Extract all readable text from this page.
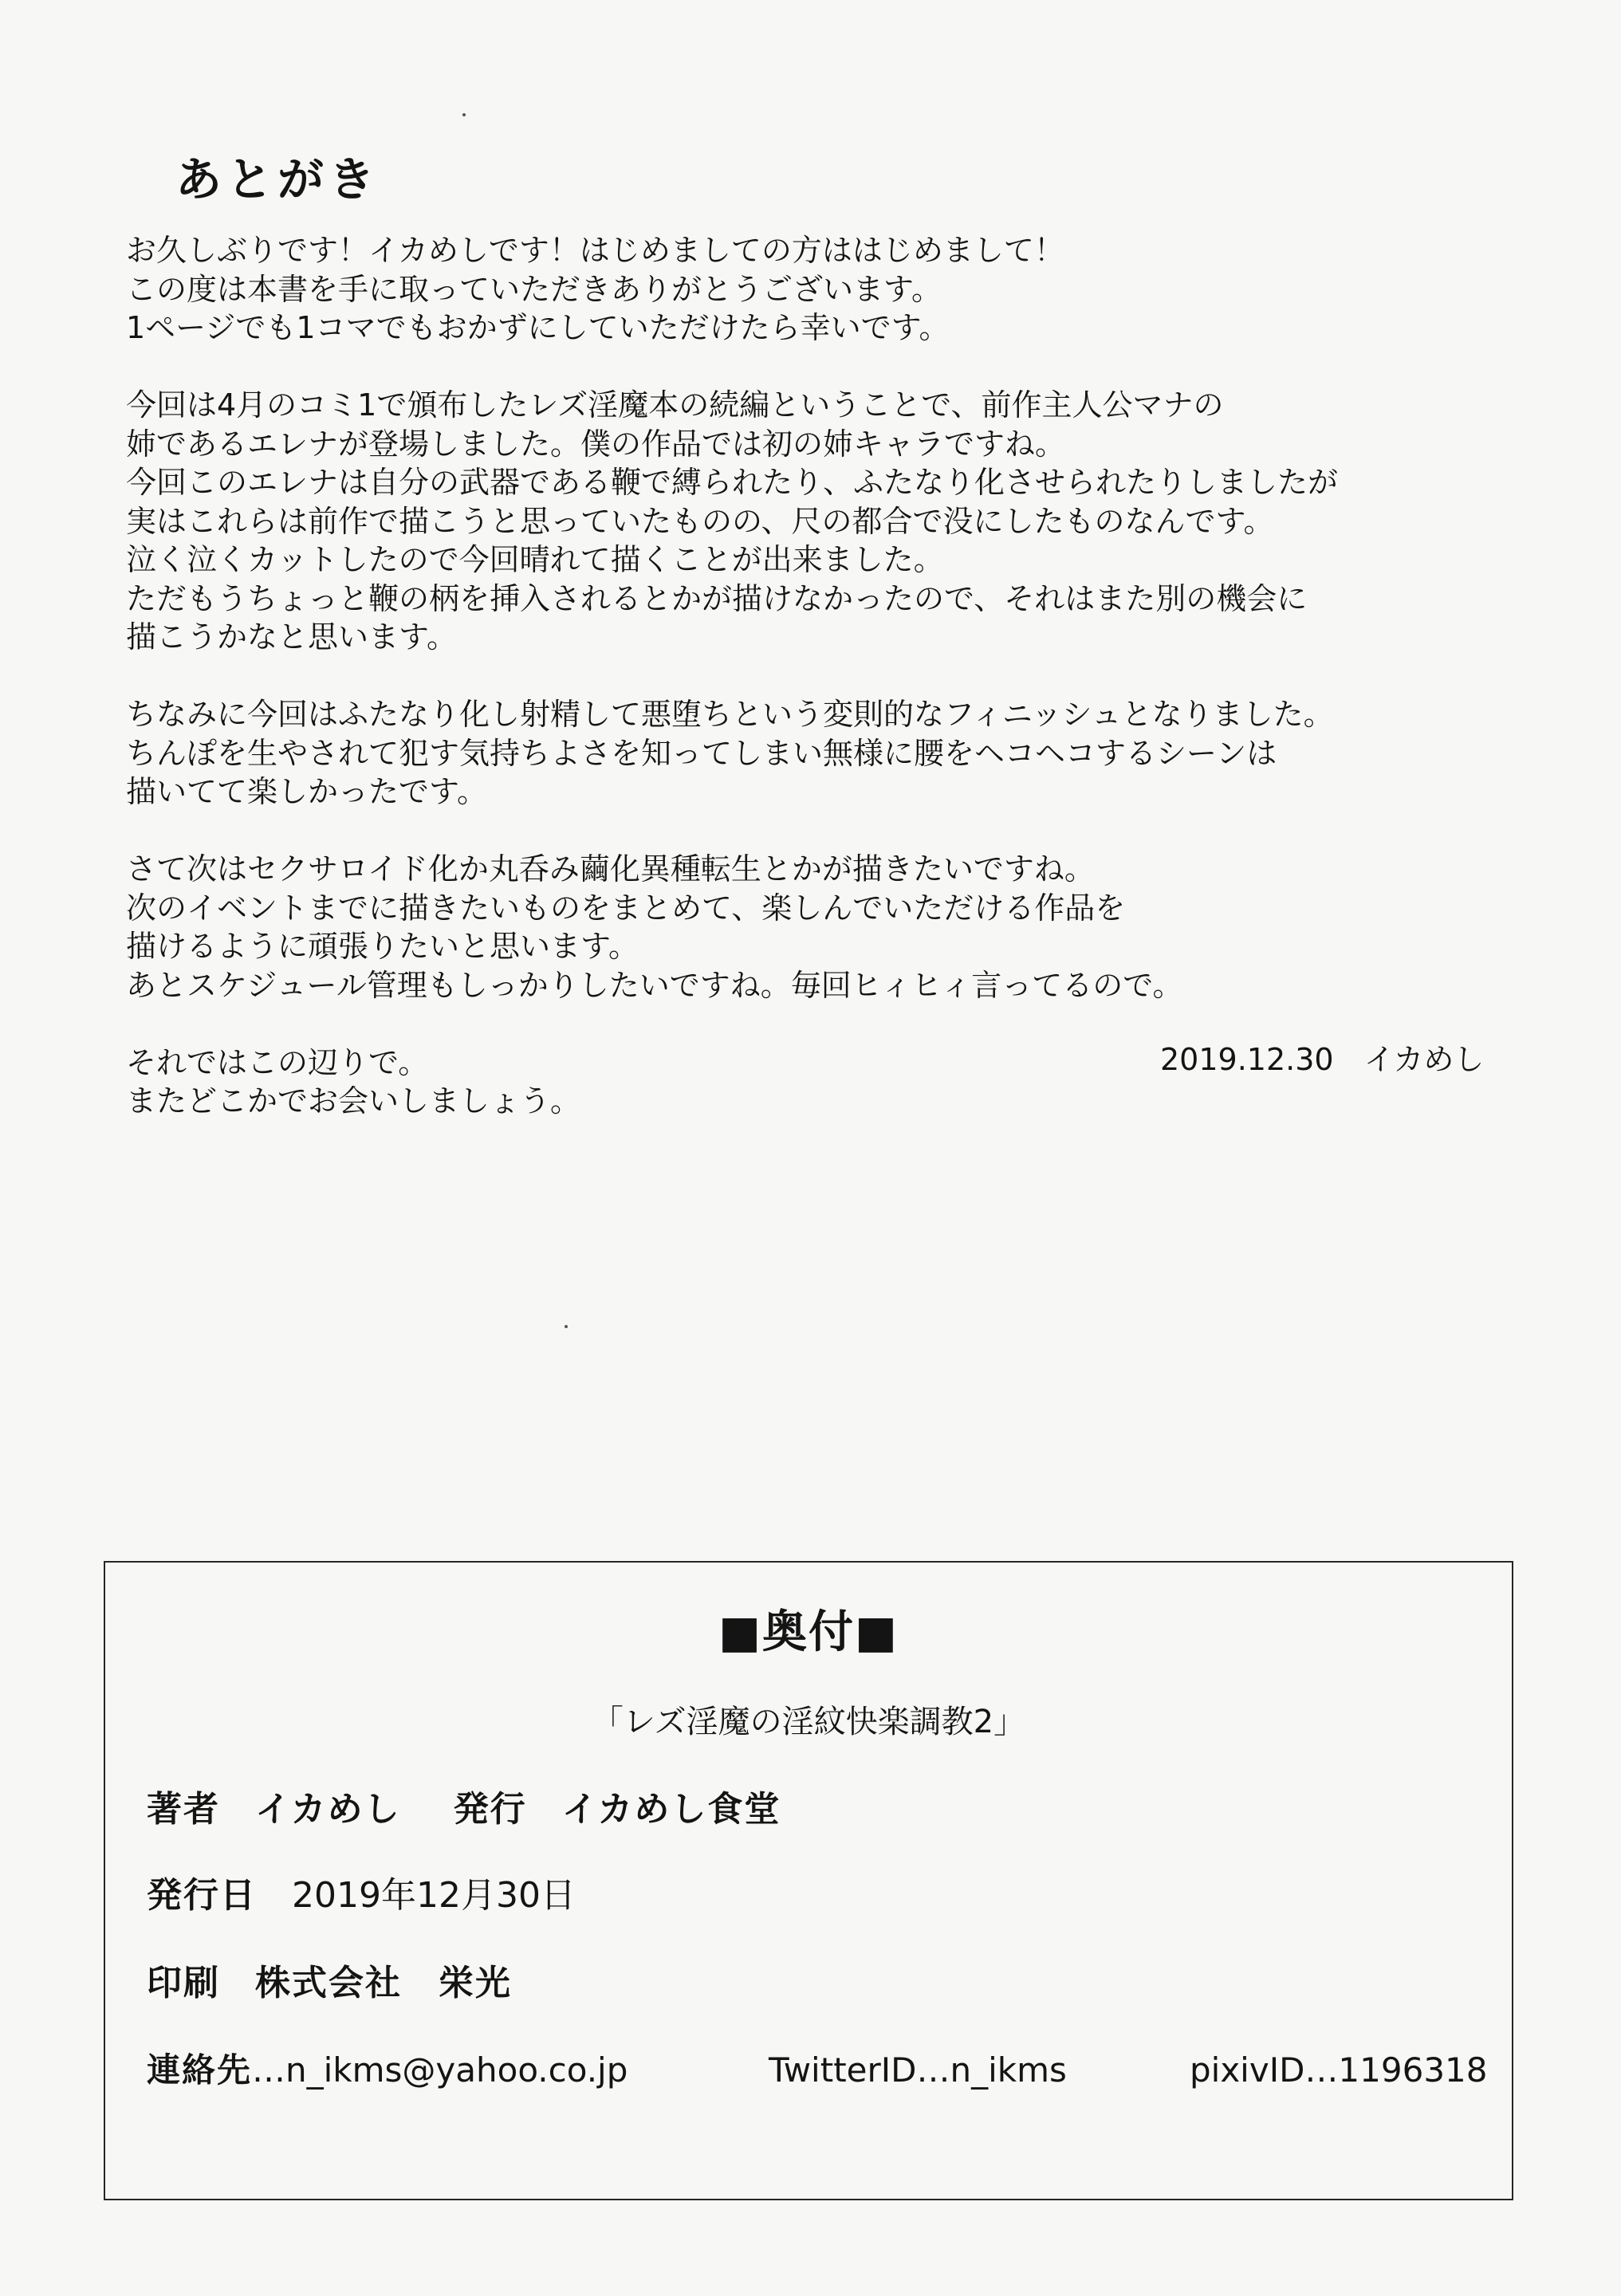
あとがき
お久しぶりです！イカめしです！はじめましての方ははじめまして！
この度は本書を手に取っていただきありがとうございます。
1ページでも1コマでもおかずにしていただけたら幸いです。
今回は4月のコミ1で頒布したレズ淫魔本の続編ということで、前作主人公マナの
姉であるエレナが登場しました。僕の作品では初の姉キャラですね。
今回このエレナは自分の武器である鞭で縛られたり、ふたなり化させられたりしましたが
実はこれらは前作で描こうと思っていたものの、尺の都合で没にしたものなんです。
泣く泣くカットしたので今回晴れて描くことが出来ました。
ただもうちょっと鞭の柄を挿入されるとかが描けなかったので、それはまた別の機会に
描こうかなと思います。
ちなみに今回はふたなり化し射精して悪堕ちという変則的なフィニッシュとなりました。
ちんぽを生やされて犯す気持ちよさを知ってしまい無様に腰をヘコヘコするシーンは
描いてて楽しかったです。
さて次はセクサロイド化か丸呑み繭化異種転生とかが描きたいですね。
次のイベントまでに描きたいものをまとめて、楽しんでいただける作品を
描けるように頑張りたいと思います。
あとスケジュール管理もしっかりしたいですね。毎回ヒィヒィ言ってるので。
それではこの辺りで。
またどこかでお会いしましょう。
2019.12.30　イカめし
■奥付■
「レズ淫魔の淫紋快楽調教2」
著者 イカめし 発行 イカめし食堂
発行日 2019年12月30日
印刷 株式会社　栄光
連絡先…n_ikms@yahoo.co.jp	TwitterID…n_ikms	pixivID…1196318
